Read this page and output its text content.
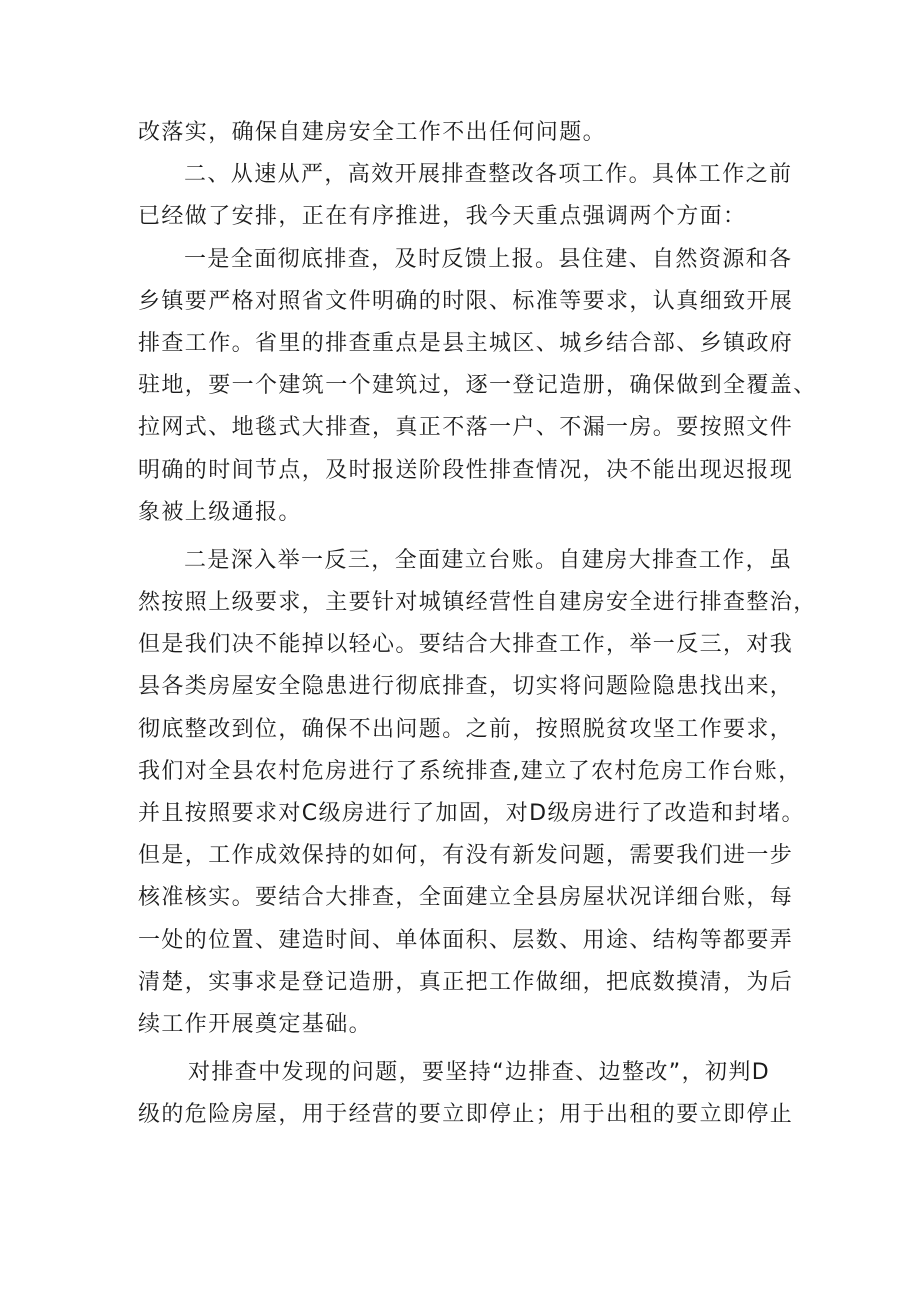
改落实，确保自建房安全工作不出任何问题。
二、从速从严，高效开展排查整改各项工作。具体工作之前
已经做了安排，正在有序推进，我今天重点强调两个方面：
一是全面彻底排查，及时反馈上报。县住建、自然资源和各
乡镇要严格对照省文件明确的时限、标准等要求，认真细致开展
排查工作。省里的排查重点是县主城区、城乡结合部、乡镇政府
驻地，要一个建筑一个建筑过，逐一登记造册，确保做到全覆盖、
拉网式、地毯式大排查，真正不落一户、不漏一房。要按照文件
明确的时间节点，及时报送阶段性排查情况，决不能出现迟报现
象被上级通报。
二是深入举一反三，全面建立台账。自建房大排查工作，虽
然按照上级要求，主要针对城镇经营性自建房安全进行排查整治，
但是我们决不能掉以轻心。要结合大排查工作，举一反三，对我
县各类房屋安全隐患进行彻底排查，切实将问题险隐患找出来，
彻底整改到位，确保不出问题。之前，按照脱贫攻坚工作要求，
我们对全县农村危房进行了系统排查,建立了农村危房工作台账，
并且按照要求对C级房进行了加固，对D级房进行了改造和封堵。
但是，工作成效保持的如何，有没有新发问题，需要我们进一步
核准核实。要结合大排查，全面建立全县房屋状况详细台账，每
一处的位置、建造时间、单体面积、层数、用途、结构等都要弄
清楚，实事求是登记造册，真正把工作做细，把底数摸清，为后
续工作开展奠定基础。
对排查中发现的问题，要坚持“边排查、边整改”，初判D
级的危险房屋，用于经营的要立即停止；用于出租的要立即停止
